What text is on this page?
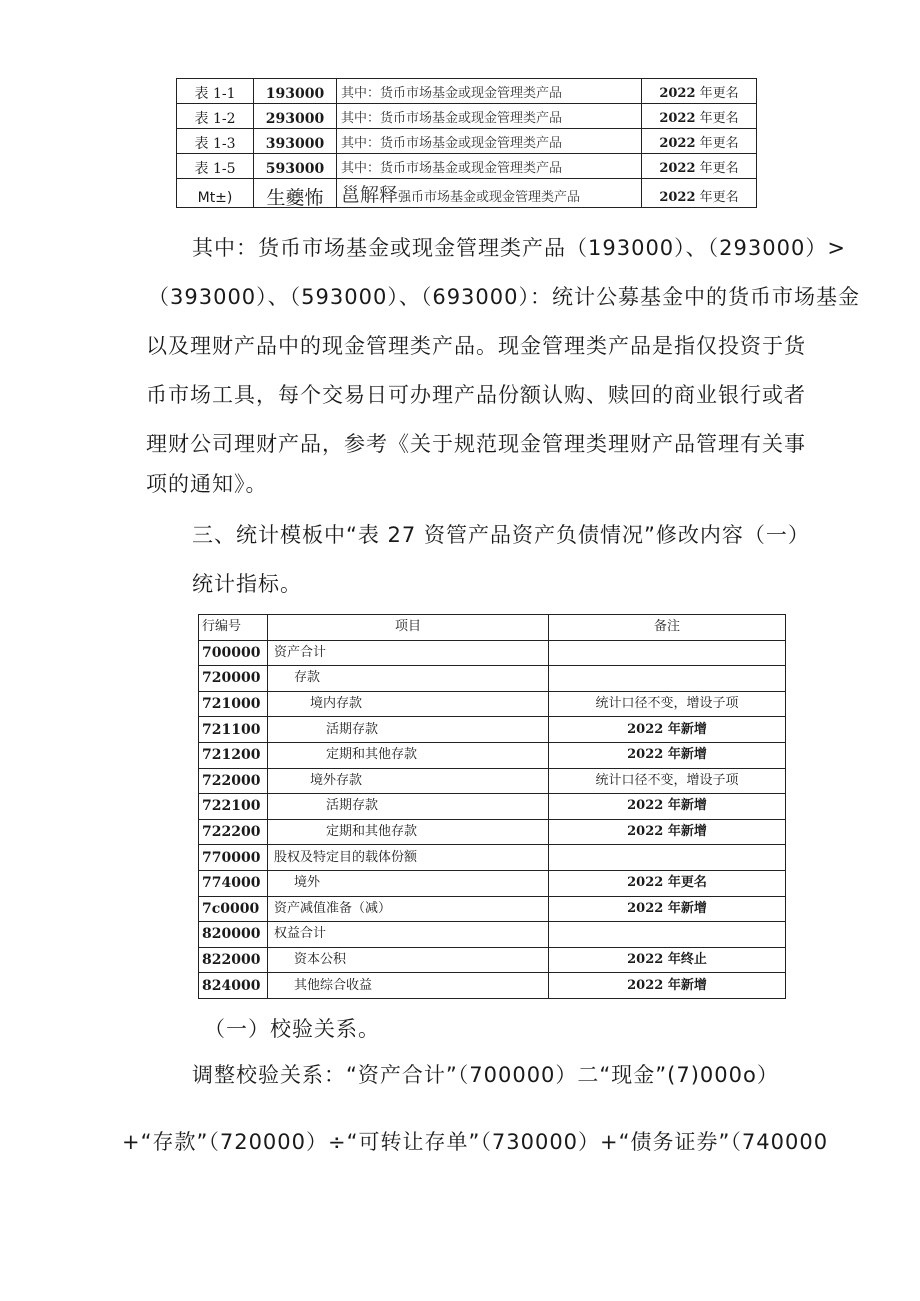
表 1-1	193000	其中：货币市场基金或现金管理类产品	2022 年更名
表 1-2	293000	其中：货币市场基金或现金管理类产品	2022 年更名
表 1-3	393000	其中：货币市场基金或现金管理类产品	2022 年更名
表 1-5	593000	其中：货币市场基金或现金管理类产品	2022 年更名
Mt±)	生夔怖	邕解释强币市场基金或现金管理类产品	2022 年更名
其中：货币市场基金或现金管理类产品（193000）、（293000）>
（393000）、（593000）、（693000）：统计公募基金中的货币市场基金
以及理财产品中的现金管理类产品。现金管理类产品是指仅投资于货
币市场工具，每个交易日可办理产品份额认购、赎回的商业银行或者
理财公司理财产品，参考《关于规范现金管理类理财产品管理有关事
项的通知》。
三、统计模板中“表 27 资管产品资产负债情况”修改内容（一）
统计指标。
行编号	项目	备注
700000	资产合计	
720000	存款	
721000	境内存款	统计口径不变，增设子项
721100	活期存款	2022 年新增
721200	定期和其他存款	2022 年新增
722000	境外存款	统计口径不变，增设子项
722100	活期存款	2022 年新增
722200	定期和其他存款	2022 年新增
770000	股权及特定目的载体份额	
774000	境外	2022 年更名
7c0000	资产减值准备（减）	2022 年新增
820000	权益合计	
822000	资本公积	2022 年终止
824000	其他综合收益	2022 年新增
（一）校验关系。
调整校验关系：“资产合计”（700000）二“现金”(7)000o）
+“存款”（720000）÷“可转让存单”（730000）+“债务证券”（740000
